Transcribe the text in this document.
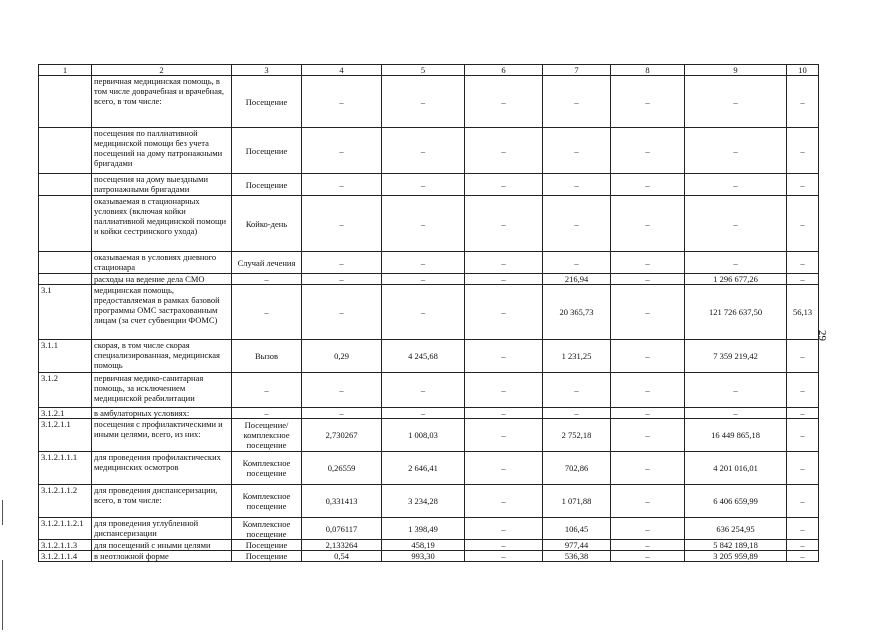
1	2	3	4	5	6	7	8	9	10
	первичная медицинская помощь, в том числе доврачебная и врачебная, всего, в том числе:	Посещение	–	–	–	–	–	–	–
	посещения по паллиативной медицинской помощи без учета посещений на дому патронажными бригадами	Посещение	–	–	–	–	–	–	–
	посещения на дому выездными патронажными бригадами	Посещение	–	–	–	–	–	–	–
	оказываемая в стационарных условиях (включая койки паллиативной медицинской помощи и койки сестринского ухода)	Койко-день	–	–	–	–	–	–	–
	оказываемая в условиях дневного стационара	Случай лечения	–	–	–	–	–	–	–
	расходы на ведение дела СМО	–	–	–	–	216,94	–	1 296 677,26	–
3.1	медицинская помощь, предоставляемая в рамках базовой программы ОМС застрахованным лицам (за счет субвенции ФОМС)	–	–	–	–	20 365,73	–	121 726 637,50	56,13
3.1.1	скорая, в том числе скорая специализированная, медицинская помощь	Вызов	0,29	4 245,68	–	1 231,25	–	7 359 219,42	–
3.1.2	первичная медико-санитарная помощь, за исключением медицинской реабилитации	–	–	–	–	–	–	–	–
3.1.2.1	в амбулаторных условиях:	–	–	–	–	–	–	–	–
3.1.2.1.1	посещения с профилактическими и иными целями, всего, из них:	Посещение/ комплексное посещение	2,730267	1 008,03	–	2 752,18	–	16 449 865,18	–
3.1.2.1.1.1	для проведения профилактических медицинских осмотров	Комплексное посещение	0,26559	2 646,41	–	702,86	–	4 201 016,01	–
3.1.2.1.1.2	для проведения диспансеризации, всего, в том числе:	Комплексное посещение	0,331413	3 234,28	–	1 071,88	–	6 406 659,99	–
3.1.2.1.1.2.1	для проведения углубленной диспансеризации	Комплексное посещение	0,076117	1 398,49	–	106,45	–	636 254,95	–
3.1.2.1.1.3	для посещений с иными целями	Посещение	2,133264	458,19	–	977,44	–	5 842 189,18	–
3.1.2.1.1.4	в неотложной форме	Посещение	0,54	993,30	–	536,38	–	3 205 959,89	–
29
